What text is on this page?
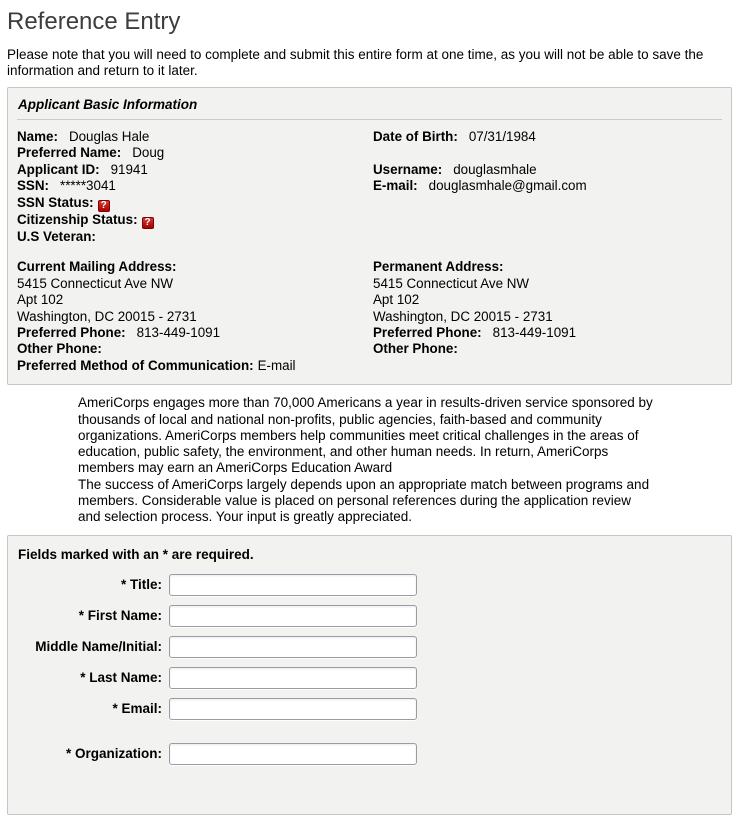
Reference Entry

Please note that you will need to complete and submit this entire form at one time, as you will not be able to save the information and return to it later.

Applicant Basic Information
Name: Douglas Hale
Preferred Name: Doug
Applicant ID: 91941
SSN: *****3041
SSN Status: ?
Citizenship Status: ?
U.S Veteran:
Date of Birth: 07/31/1984

Username: douglasmhale
E-mail: douglasmhale@gmail.com
Current Mailing Address:
5415 Connecticut Ave NW
Apt 102
Washington, DC 20015 - 2731
Preferred Phone: 813-449-1091
Other Phone:
Preferred Method of Communication: E-mail
Permanent Address:
5415 Connecticut Ave NW
Apt 102
Washington, DC 20015 - 2731
Preferred Phone: 813-449-1091
Other Phone:
AmeriCorps engages more than 70,000 Americans a year in results-driven service sponsored by thousands of local and national non-profits, public agencies, faith-based and community organizations. AmeriCorps members help communities meet critical challenges in the areas of education, public safety, the environment, and other human needs. In return, AmeriCorps members may earn an AmeriCorps Education Award
The success of AmeriCorps largely depends upon an appropriate match between programs and members. Considerable value is placed on personal references during the application review and selection process. Your input is greatly appreciated.
Fields marked with an * are required.
* Title:
* First Name:
Middle Name/Initial:
* Last Name:
* Email:
* Organization:
